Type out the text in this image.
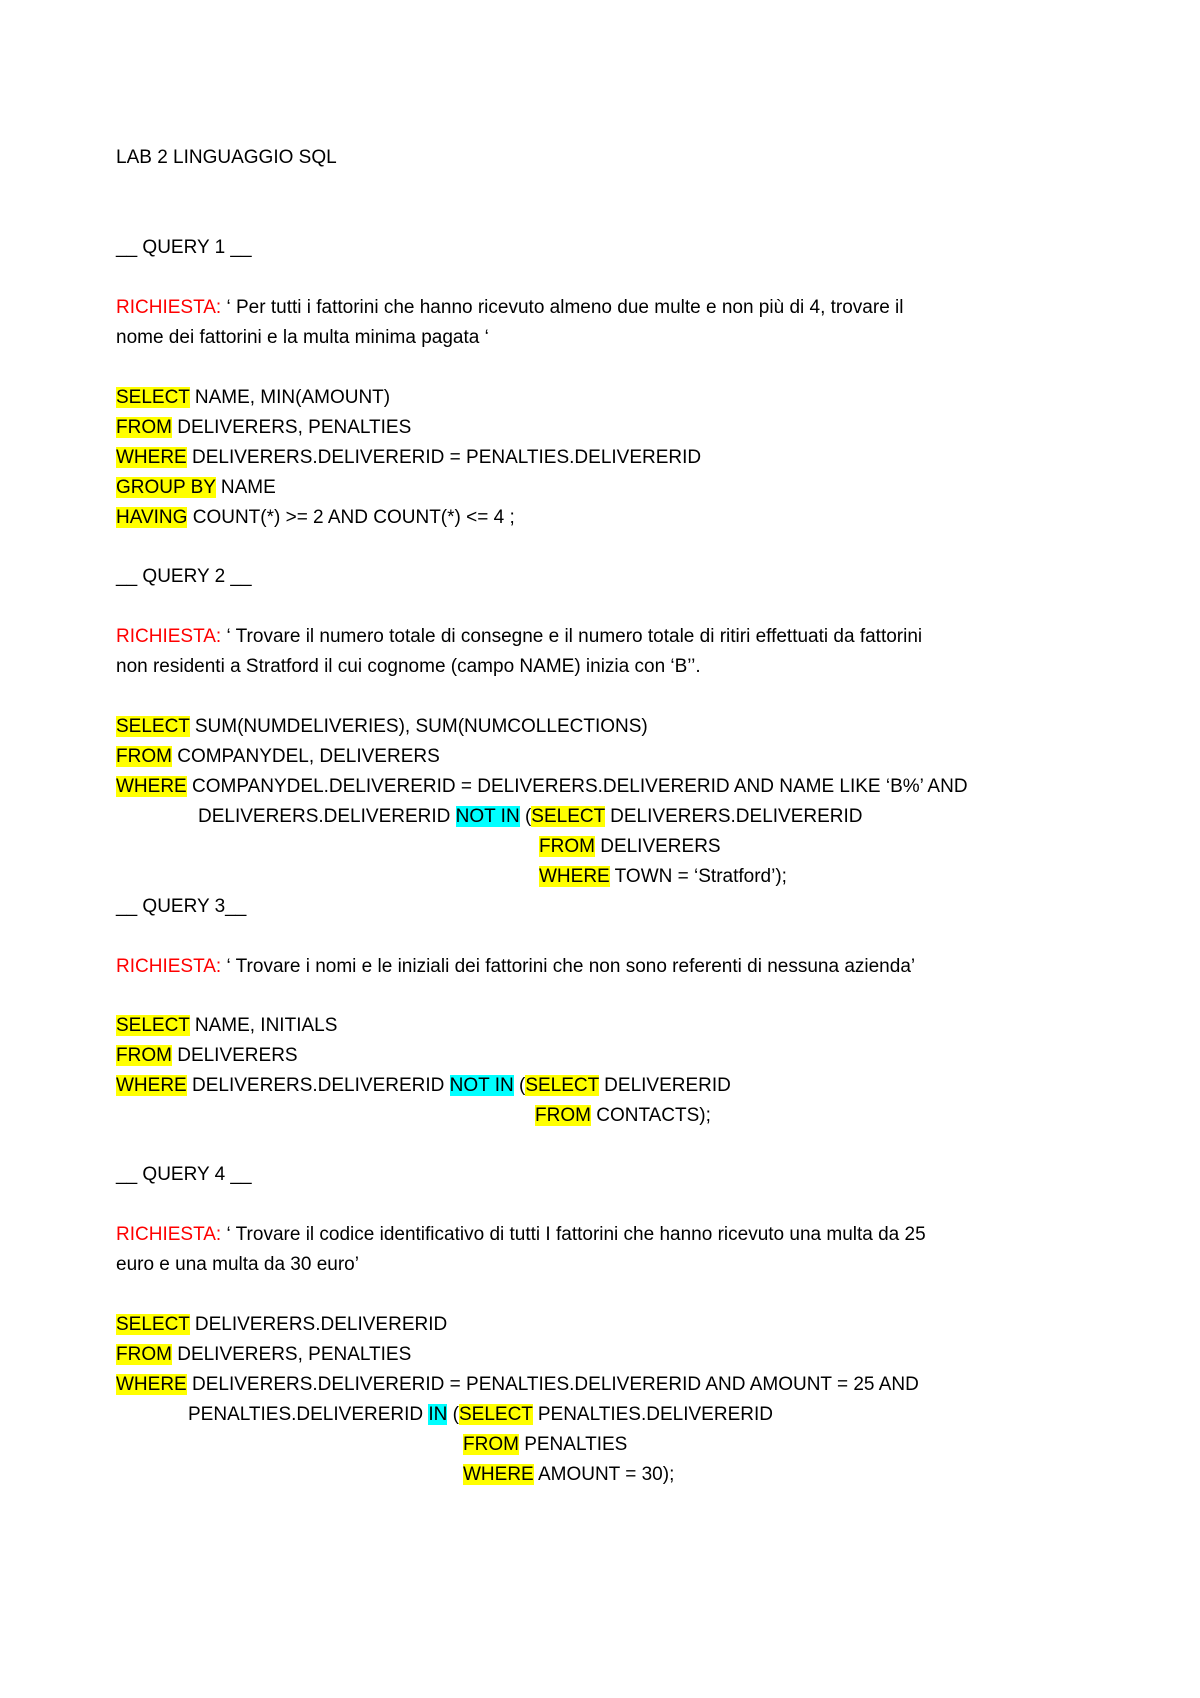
LAB 2 LINGUAGGIO SQL
__ QUERY 1 __
RICHIESTA: ‘ Per tutti i fattorini che hanno ricevuto almeno due multe e non più di 4, trovare il
nome dei fattorini e la multa minima pagata ‘
SELECT NAME, MIN(AMOUNT)
FROM DELIVERERS, PENALTIES
WHERE DELIVERERS.DELIVERERID = PENALTIES.DELIVERERID
GROUP BY NAME
HAVING COUNT(*) >= 2 AND COUNT(*) <= 4 ;
__ QUERY 2 __
RICHIESTA: ‘ Trovare il numero totale di consegne e il numero totale di ritiri effettuati da fattorini
non residenti a Stratford il cui cognome (campo NAME) inizia con ‘B’’.
SELECT SUM(NUMDELIVERIES), SUM(NUMCOLLECTIONS)
FROM COMPANYDEL, DELIVERERS
WHERE COMPANYDEL.DELIVERERID = DELIVERERS.DELIVERERID AND NAME LIKE ‘B%’ AND
DELIVERERS.DELIVERERID NOT IN (SELECT DELIVERERS.DELIVERERID
FROM DELIVERERS
WHERE TOWN = ‘Stratford’);
__ QUERY 3__
RICHIESTA: ‘ Trovare i nomi e le iniziali dei fattorini che non sono referenti di nessuna azienda’
SELECT NAME, INITIALS
FROM DELIVERERS
WHERE DELIVERERS.DELIVERERID NOT IN (SELECT DELIVERERID
FROM CONTACTS);
__ QUERY 4 __
RICHIESTA: ‘ Trovare il codice identificativo di tutti I fattorini che hanno ricevuto una multa da 25
euro e una multa da 30 euro’
SELECT DELIVERERS.DELIVERERID
FROM DELIVERERS, PENALTIES
WHERE DELIVERERS.DELIVERERID = PENALTIES.DELIVERERID AND AMOUNT = 25 AND
PENALTIES.DELIVERERID IN (SELECT PENALTIES.DELIVERERID
FROM PENALTIES
WHERE AMOUNT = 30);
